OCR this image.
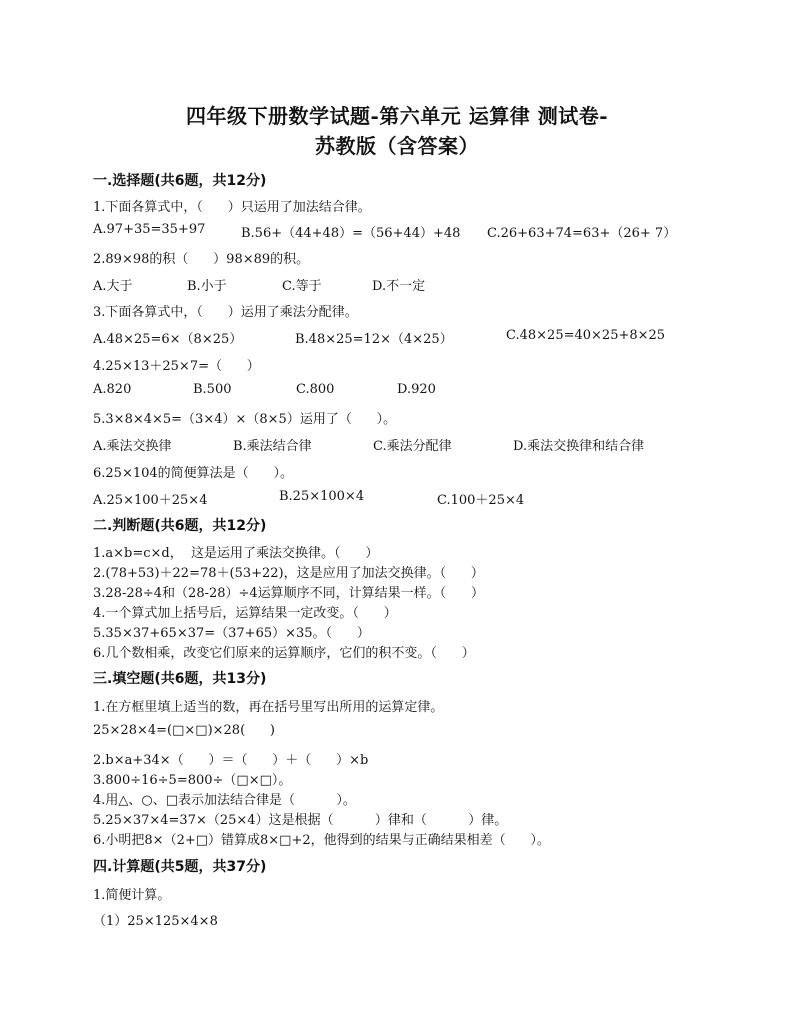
四年级下册数学试题-第六单元 运算律 测试卷-
苏教版（含答案）
一.选择题(共6题，共12分)
1.下面各算式中，（      ）只运用了加法结合律。
A.97+35=35+97	B.56+（44+48）=（56+44）+48 C.26+63+74=63+（26+ 7）
2.89×98的积（      ）98×89的积。
A.大于	B.小于	C.等于	D.不一定
3.下面各算式中，（      ）运用了乘法分配律。
A.48×25=6×（8×25）	B.48×25=12×（4×25）	C.48×25=40×25+8×25
4.25×13＋25×7=（      ）
A.820	B.500	C.800	D.920
5.3×8×4×5=（3×4）×（8×5）运用了（      ）。
A.乘法交换律	B.乘法结合律	C.乘法分配律	D.乘法交换律和结合律
6.25×104的简便算法是（      ）。
A.25×100＋25×4	B.25×100×4	C.100＋25×4
二.判断题(共6题，共12分)
1.a×b=c×d，  这是运用了乘法交换律。（      ）
2.(78+53)＋22=78＋(53+22)，这是应用了加法交换律。（      ）
3.28-28÷4和（28-28）÷4运算顺序不同，计算结果一样。（      ）
4.一个算式加上括号后，运算结果一定改变。（      ）
5.35×37+65×37=（37+65）×35。（      ）
6.几个数相乘，改变它们原来的运算顺序，它们的积不变。（      ）
三.填空题(共6题，共13分)
1.在方框里填上适当的数，再在括号里写出所用的运算定律。
25×28×4=(□×□)×28(      )
2.b×a+34×（      ）＝（      ）＋（      ）×b
3.800÷16÷5=800÷（□×□）。
4.用△、○、□表示加法结合律是（          ）。
5.25×37×4=37×（25×4）这是根据（          ）律和（          ）律。
6.小明把8×（2+□）错算成8×□+2，他得到的结果与正确结果相差（      ）。
四.计算题(共5题，共37分)
1.简便计算。
（1）25×125×4×8
